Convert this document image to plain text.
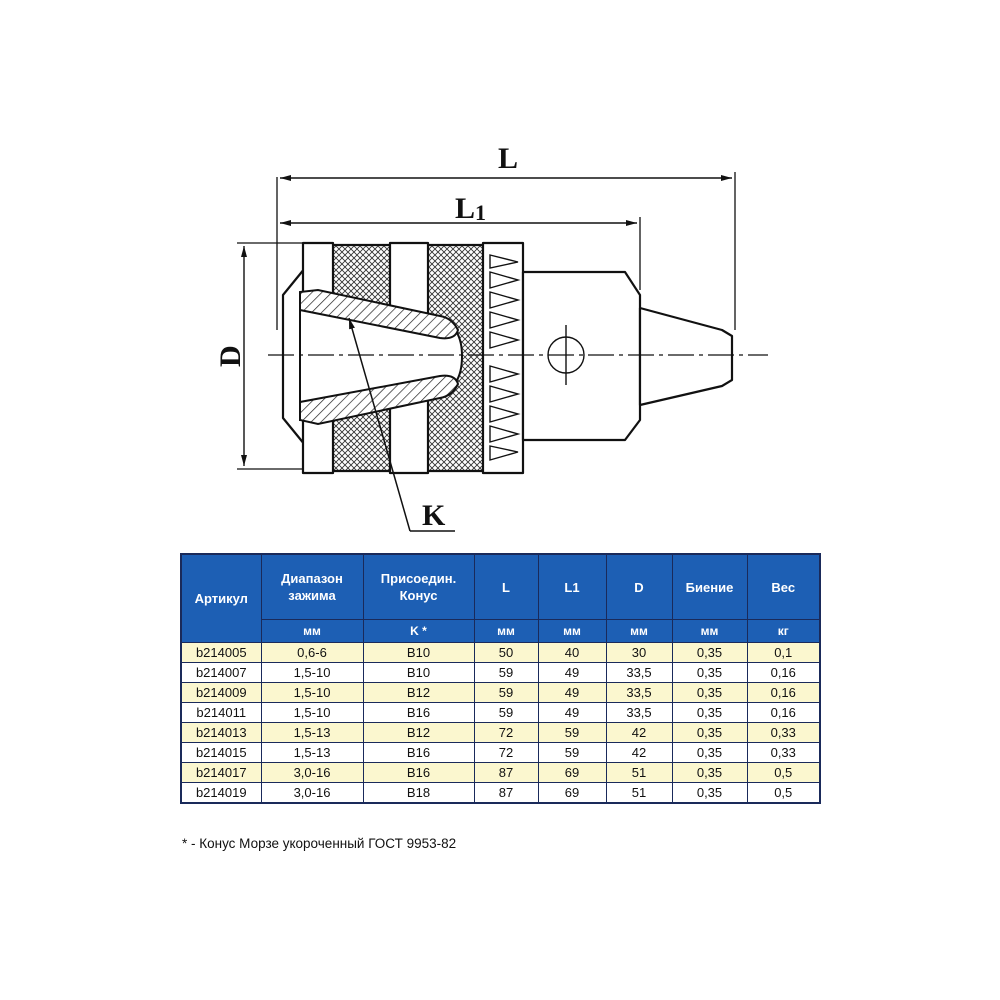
L
L1
D
K
Артикул	Диапазон зажима	Присоедин. Конус	L	L1	D	Биение	Вес
	мм	K *	мм	мм	мм	мм	кг
b214005	0,6-6	B10	50	40	30	0,35	0,1
b214007	1,5-10	B10	59	49	33,5	0,35	0,16
b214009	1,5-10	B12	59	49	33,5	0,35	0,16
b214011	1,5-10	B16	59	49	33,5	0,35	0,16
b214013	1,5-13	B12	72	59	42	0,35	0,33
b214015	1,5-13	B16	72	59	42	0,35	0,33
b214017	3,0-16	B16	87	69	51	0,35	0,5
b214019	3,0-16	B18	87	69	51	0,35	0,5
* - Конус Морзе укороченный ГОСТ 9953-82
